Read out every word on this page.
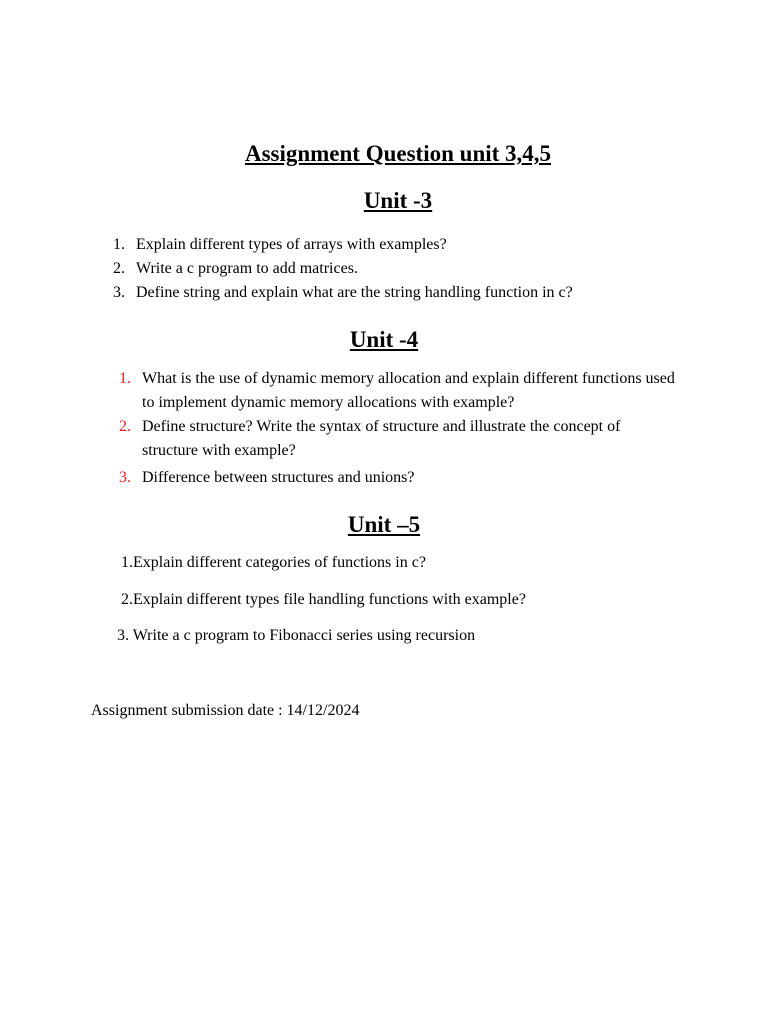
Assignment Question unit 3,4,5
Unit -3
1. Explain different types of arrays with examples?
2. Write a c program to add matrices.
3. Define string and explain what are the string handling function in c?
Unit -4
1. What is the use of dynamic memory allocation and explain different functions used to implement dynamic memory allocations with example?
2. Define structure? Write the syntax of structure and illustrate the concept of structure with example?
3. Difference between structures and unions?
Unit –5

1.Explain different categories of functions in c?

2.Explain different types file handling functions with example?

3. Write a c program to Fibonacci series using recursion

Assignment submission date : 14/12/2024
